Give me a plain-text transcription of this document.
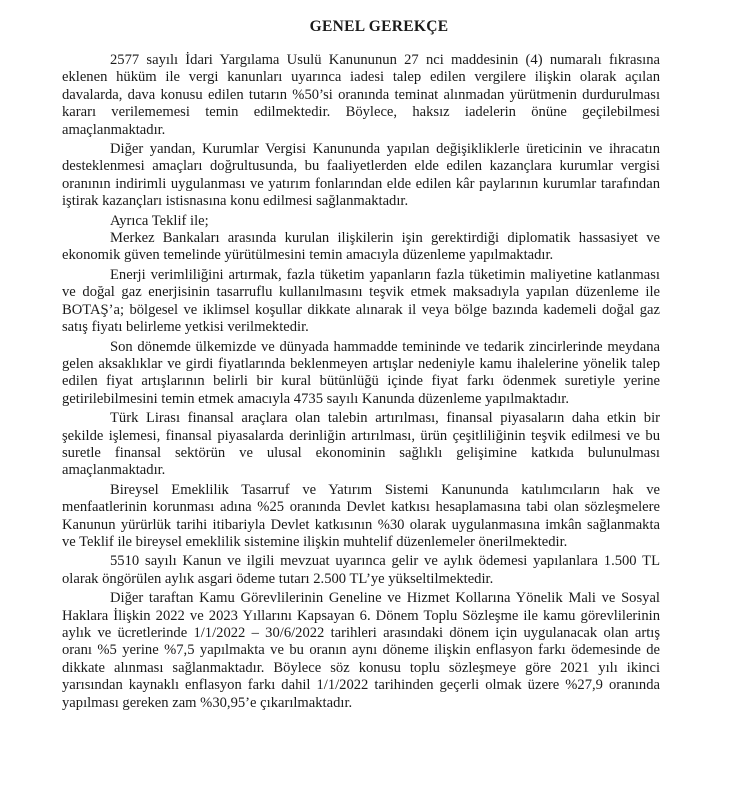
GENEL GEREKÇE

2577 sayılı İdari Yargılama Usulü Kanununun 27 nci maddesinin (4) numaralı fıkrasına eklenen hüküm ile vergi kanunları uyarınca iadesi talep edilen vergilere ilişkin olarak açılan davalarda, dava konusu edilen tutarın %50’si oranında teminat alınmadan yürütmenin durdurulması kararı verilememesi temin edilmektedir. Böylece, haksız iadelerin önüne geçilebilmesi amaçlanmaktadır.

Diğer yandan, Kurumlar Vergisi Kanununda yapılan değişikliklerle üreticinin ve ihracatın desteklenmesi amaçları doğrultusunda, bu faaliyetlerden elde edilen kazançlara kurumlar vergisi oranının indirimli uygulanması ve yatırım fonlarından elde edilen kâr paylarının kurumlar tarafından iştirak kazançları istisnasına konu edilmesi sağlanmaktadır.

Ayrıca Teklif ile;

Merkez Bankaları arasında kurulan ilişkilerin işin gerektirdiği diplomatik hassasiyet ve ekonomik güven temelinde yürütülmesini temin amacıyla düzenleme yapılmaktadır.

Enerji verimliliğini artırmak, fazla tüketim yapanların fazla tüketimin maliyetine katlanması ve doğal gaz enerjisinin tasarruflu kullanılmasını teşvik etmek maksadıyla yapılan düzenleme ile BOTAŞ’a; bölgesel ve iklimsel koşullar dikkate alınarak il veya bölge bazında kademeli doğal gaz satış fiyatı belirleme yetkisi verilmektedir.

Son dönemde ülkemizde ve dünyada hammadde temininde ve tedarik zincirlerinde meydana gelen aksaklıklar ve girdi fiyatlarında beklenmeyen artışlar nedeniyle kamu ihalelerine yönelik talep edilen fiyat artışlarının belirli bir kural bütünlüğü içinde fiyat farkı ödenmek suretiyle yerine getirilebilmesini temin etmek amacıyla 4735 sayılı Kanunda düzenleme yapılmaktadır.

Türk Lirası finansal araçlara olan talebin artırılması, finansal piyasaların daha etkin bir şekilde işlemesi, finansal piyasalarda derinliğin artırılması, ürün çeşitliliğinin teşvik edilmesi ve bu suretle finansal sektörün ve ulusal ekonominin sağlıklı gelişimine katkıda bulunulması amaçlanmaktadır.

Bireysel Emeklilik Tasarruf ve Yatırım Sistemi Kanununda katılımcıların hak ve menfaatlerinin korunması adına %25 oranında Devlet katkısı hesaplamasına tabi olan sözleşmelere Kanunun yürürlük tarihi itibariyla Devlet katkısının %30 olarak uygulanmasına imkân sağlanmakta ve Teklif ile bireysel emeklilik sistemine ilişkin muhtelif düzenlemeler önerilmektedir.

5510 sayılı Kanun ve ilgili mevzuat uyarınca gelir ve aylık ödemesi yapılanlara 1.500 TL olarak öngörülen aylık asgari ödeme tutarı 2.500 TL’ye yükseltilmektedir.

Diğer taraftan Kamu Görevlilerinin Geneline ve Hizmet Kollarına Yönelik Mali ve Sosyal Haklara İlişkin 2022 ve 2023 Yıllarını Kapsayan 6. Dönem Toplu Sözleşme ile kamu görevlilerinin aylık ve ücretlerinde 1/1/2022 – 30/6/2022 tarihleri arasındaki dönem için uygulanacak olan artış oranı %5 yerine %7,5 yapılmakta ve bu oranın aynı döneme ilişkin enflasyon farkı ödemesinde de dikkate alınması sağlanmaktadır. Böylece söz konusu toplu sözleşmeye göre 2021 yılı ikinci yarısından kaynaklı enflasyon farkı dahil 1/1/2022 tarihinden geçerli olmak üzere %27,9 oranında yapılması gereken zam %30,95’e çıkarılmaktadır.
